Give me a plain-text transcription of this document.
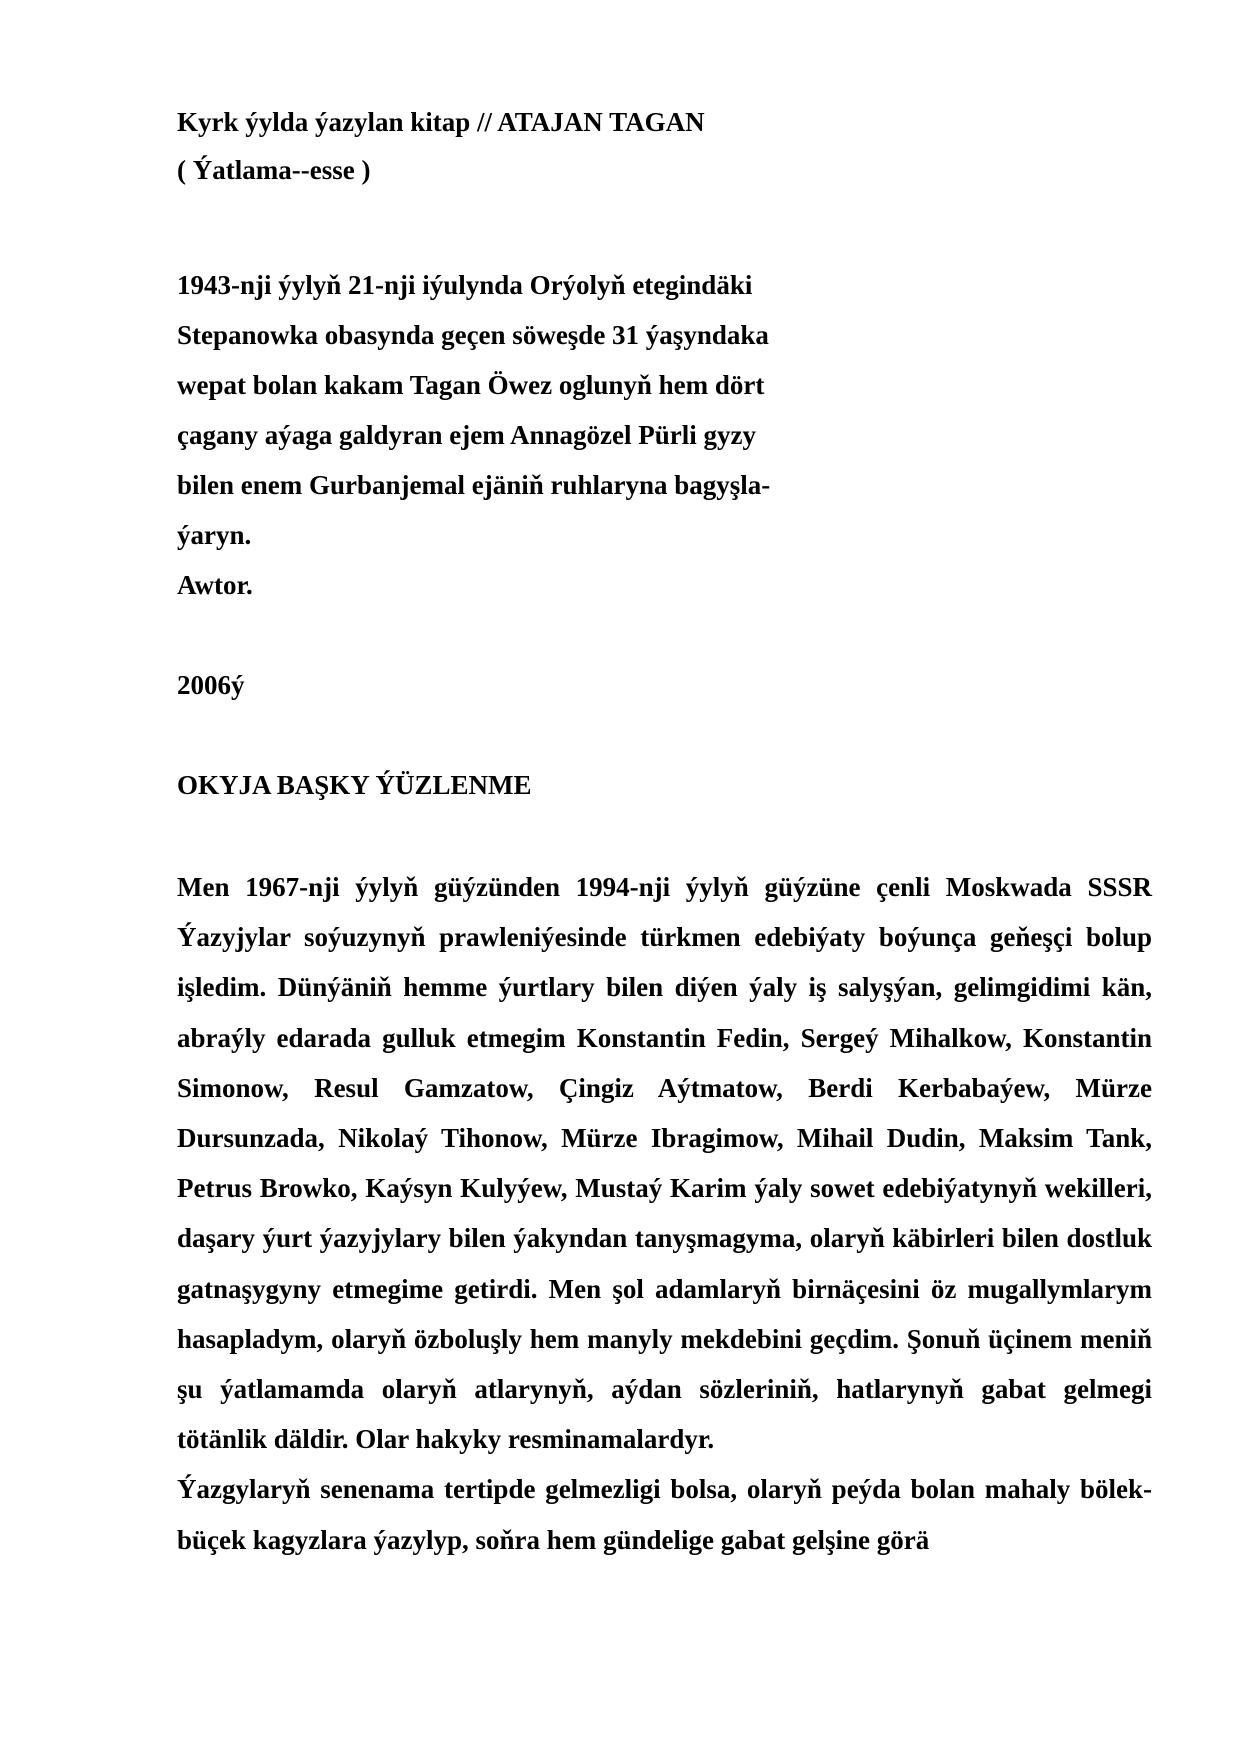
Kyrk ýylda ýazylan kitap // ATAJAN TAGAN
( Ýatlama--esse )
1943-nji ýylyň 21-nji iýulynda Orýolyň etegindäki
Stepanowka obasynda geçen söweşde 31 ýaşyndaka
wepat bolan kakam Tagan Öwez oglunyň hem dört
çagany aýaga galdyran ejem Annagözel Pürli gyzy
bilen enem Gurbanjemal ejäniň ruhlaryna bagyşla-
ýaryn.
Awtor.
2006ý
OKYJA BAŞKY ÝÜZLENME

Men 1967-nji ýylyň güýzünden 1994-nji ýylyň güýzüne çenli Moskwada SSSR Ýazyjylar soýuzynyň prawleniýesinde türkmen edebiýaty boýunça geňeşçi bolup işledim. Dünýäniň hemme ýurtlary bilen diýen ýaly iş salyşýan, gelimgidimi kän, abraýly edarada gulluk etmegim Konstantin Fedin, Sergeý Mihalkow, Konstantin Simonow, Resul Gamzatow, Çingiz Aýtmatow, Berdi Kerbabaýew, Mürze Dursunzada, Nikolaý Tihonow, Mürze Ibragimow, Mihail Dudin, Maksim Tank, Petrus Browko, Kaýsyn Kulyýew, Mustaý Karim ýaly sowet edebiýatynyň wekilleri, daşary ýurt ýazyjylary bilen ýakyndan tanyşmagyma, olaryň käbirleri bilen dostluk gatnaşygyny etmegime getirdi. Men şol adamlaryň birnäçesini öz mugallymlarym hasapladym, olaryň özboluşly hem manyly mekdebini geçdim. Şonuň üçinem meniň şu ýatlamamda olaryň atlarynyň, aýdan sözleriniň, hatlarynyň gabat gelmegi tötänlik däldir. Olar hakyky resminamalardyr.

Ýazgylaryň senenama tertipde gelmezligi bolsa, olaryň peýda bolan mahaly bölek-büçek kagyzlara ýazylyp, soňra hem gündelige gabat gelşine görä
